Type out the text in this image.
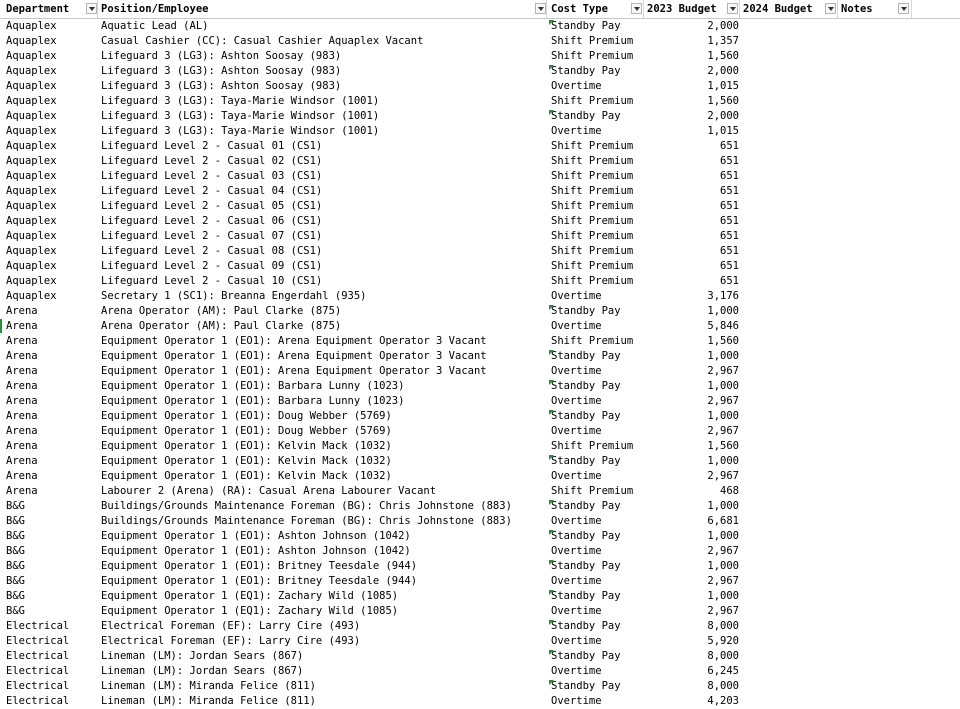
Department	Position/Employee	Cost Type	2023 Budget	2024 Budget	Notes
Aquaplex	Aquatic Lead (AL)	Standby Pay	2,000
Aquaplex	Casual Cashier (CC): Casual Cashier Aquaplex Vacant	Shift Premium	1,357
Aquaplex	Lifeguard 3 (LG3): Ashton Soosay (983)	Shift Premium	1,560
Aquaplex	Lifeguard 3 (LG3): Ashton Soosay (983)	Standby Pay	2,000
Aquaplex	Lifeguard 3 (LG3): Ashton Soosay (983)	Overtime	1,015
Aquaplex	Lifeguard 3 (LG3): Taya-Marie Windsor (1001)	Shift Premium	1,560
Aquaplex	Lifeguard 3 (LG3): Taya-Marie Windsor (1001)	Standby Pay	2,000
Aquaplex	Lifeguard 3 (LG3): Taya-Marie Windsor (1001)	Overtime	1,015
Aquaplex	Lifeguard Level 2 - Casual 01 (CS1)	Shift Premium	651
Aquaplex	Lifeguard Level 2 - Casual 02 (CS1)	Shift Premium	651
Aquaplex	Lifeguard Level 2 - Casual 03 (CS1)	Shift Premium	651
Aquaplex	Lifeguard Level 2 - Casual 04 (CS1)	Shift Premium	651
Aquaplex	Lifeguard Level 2 - Casual 05 (CS1)	Shift Premium	651
Aquaplex	Lifeguard Level 2 - Casual 06 (CS1)	Shift Premium	651
Aquaplex	Lifeguard Level 2 - Casual 07 (CS1)	Shift Premium	651
Aquaplex	Lifeguard Level 2 - Casual 08 (CS1)	Shift Premium	651
Aquaplex	Lifeguard Level 2 - Casual 09 (CS1)	Shift Premium	651
Aquaplex	Lifeguard Level 2 - Casual 10 (CS1)	Shift Premium	651
Aquaplex	Secretary 1 (SC1): Breanna Engerdahl (935)	Overtime	3,176
Arena	Arena Operator (AM): Paul Clarke (875)	Standby Pay	1,000
Arena	Arena Operator (AM): Paul Clarke (875)	Overtime	5,846
Arena	Equipment Operator 1 (EO1): Arena Equipment Operator 3 Vacant	Shift Premium	1,560
Arena	Equipment Operator 1 (EO1): Arena Equipment Operator 3 Vacant	Standby Pay	1,000
Arena	Equipment Operator 1 (EO1): Arena Equipment Operator 3 Vacant	Overtime	2,967
Arena	Equipment Operator 1 (EO1): Barbara Lunny (1023)	Standby Pay	1,000
Arena	Equipment Operator 1 (EO1): Barbara Lunny (1023)	Overtime	2,967
Arena	Equipment Operator 1 (EO1): Doug Webber (5769)	Standby Pay	1,000
Arena	Equipment Operator 1 (EO1): Doug Webber (5769)	Overtime	2,967
Arena	Equipment Operator 1 (EO1): Kelvin Mack (1032)	Shift Premium	1,560
Arena	Equipment Operator 1 (EO1): Kelvin Mack (1032)	Standby Pay	1,000
Arena	Equipment Operator 1 (EO1): Kelvin Mack (1032)	Overtime	2,967
Arena	Labourer 2 (Arena) (RA): Casual Arena Labourer Vacant	Shift Premium	468
B&G	Buildings/Grounds Maintenance Foreman (BG): Chris Johnstone (883)	Standby Pay	1,000
B&G	Buildings/Grounds Maintenance Foreman (BG): Chris Johnstone (883)	Overtime	6,681
B&G	Equipment Operator 1 (EO1): Ashton Johnson (1042)	Standby Pay	1,000
B&G	Equipment Operator 1 (EO1): Ashton Johnson (1042)	Overtime	2,967
B&G	Equipment Operator 1 (EO1): Britney Teesdale (944)	Standby Pay	1,000
B&G	Equipment Operator 1 (EO1): Britney Teesdale (944)	Overtime	2,967
B&G	Equipment Operator 1 (EQ1): Zachary Wild (1085)	Standby Pay	1,000
B&G	Equipment Operator 1 (EQ1): Zachary Wild (1085)	Overtime	2,967
Electrical	Electrical Foreman (EF): Larry Cire (493)	Standby Pay	8,000
Electrical	Electrical Foreman (EF): Larry Cire (493)	Overtime	5,920
Electrical	Lineman (LM): Jordan Sears (867)	Standby Pay	8,000
Electrical	Lineman (LM): Jordan Sears (867)	Overtime	6,245
Electrical	Lineman (LM): Miranda Felice (811)	Standby Pay	8,000
Electrical	Lineman (LM): Miranda Felice (811)	Overtime	4,203
